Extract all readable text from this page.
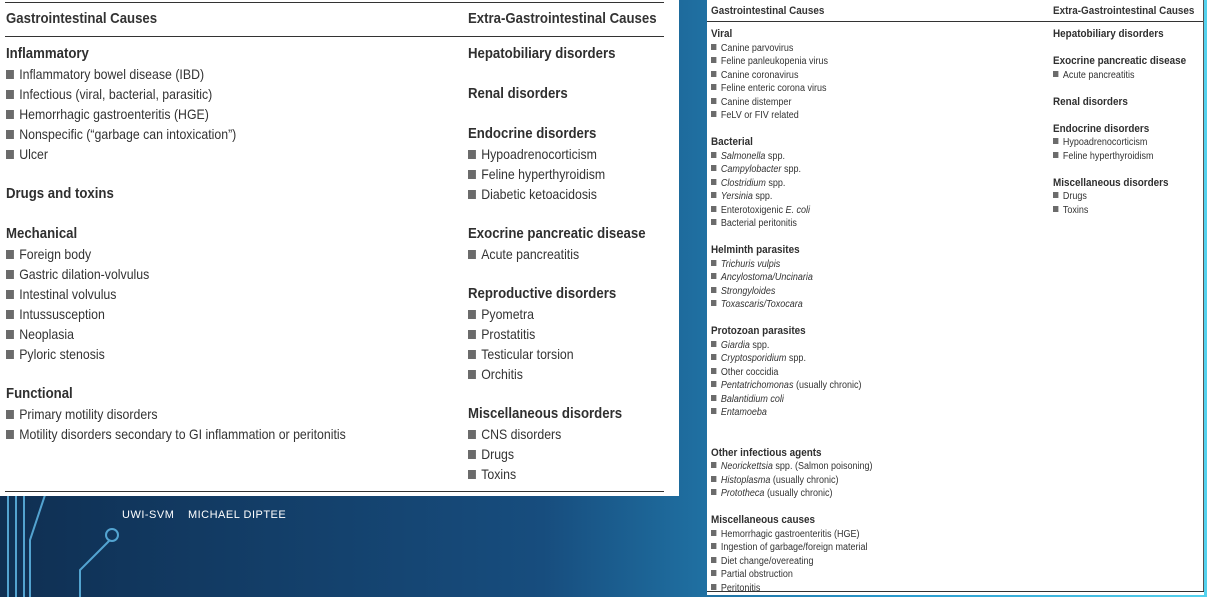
UWI-SVM MICHAEL DIPTEE
Gastrointestinal Causes	Extra-Gastrointestinal Causes
Inflammatory
Inflammatory bowel disease (IBD)
Infectious (viral, bacterial, parasitic)
Hemorrhagic gastroenteritis (HGE)
Nonspecific (“garbage can intoxication”)
Ulcer
Drugs and toxins
Mechanical
Foreign body
Gastric dilation-volvulus
Intestinal volvulus
Intussusception
Neoplasia
Pyloric stenosis
Functional
Primary motility disorders
Motility disorders secondary to GI inflammation or peritonitis
Hepatobiliary disorders
Renal disorders
Endocrine disorders
Hypoadrenocorticism
Feline hyperthyroidism
Diabetic ketoacidosis
Exocrine pancreatic disease
Acute pancreatitis
Reproductive disorders
Pyometra
Prostatitis
Testicular torsion
Orchitis
Miscellaneous disorders
CNS disorders
Drugs
Toxins
Gastrointestinal Causes	Extra-Gastrointestinal Causes
Viral
Canine parvovirus
Feline panleukopenia virus
Canine coronavirus
Feline enteric corona virus
Canine distemper
FeLV or FIV related
Bacterial
Salmonella spp.
Campylobacter spp.
Clostridium spp.
Yersinia spp.
Enterotoxigenic E. coli
Bacterial peritonitis
Helminth parasites
Trichuris vulpis
Ancylostoma/Uncinaria
Strongyloides
Toxascaris/Toxocara
Protozoan parasites
Giardia spp.
Cryptosporidium spp.
Other coccidia
Pentatrichomonas (usually chronic)
Balantidium coli
Entamoeba
Other infectious agents
Neorickettsia spp. (Salmon poisoning)
Histoplasma (usually chronic)
Prototheca (usually chronic)
Miscellaneous causes
Hemorrhagic gastroenteritis (HGE)
Ingestion of garbage/foreign material
Diet change/overeating
Partial obstruction
Peritonitis
Hepatobiliary disorders
Exocrine pancreatic disease
Acute pancreatitis
Renal disorders
Endocrine disorders
Hypoadrenocorticism
Feline hyperthyroidism
Miscellaneous disorders
Drugs
Toxins
